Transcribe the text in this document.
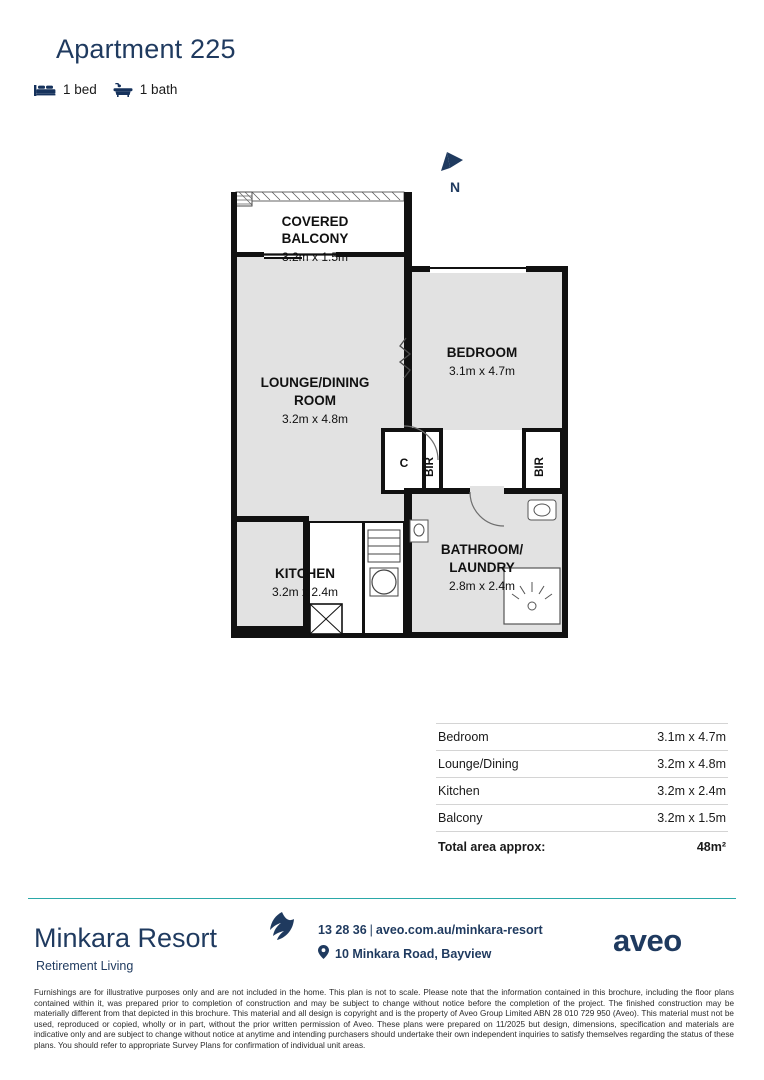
Apartment 225
1 bed	1 bath
COVERED
BALCONY
3.2m x 1.5m
LOUNGE/DINING
ROOM
3.2m x 4.8m
BEDROOM
3.1m x 4.7m
KITCHEN
3.2m x 2.4m
BATHROOM/
LAUNDRY
2.8m x 2.4m
C BIR	BIR
N
Bedroom	3.1m x 4.7m
Lounge/Dining	3.2m x 4.8m
Kitchen	3.2m x 2.4m
Balcony	3.2m x 1.5m
Total area approx:	48m²
Minkara Resort
Retirement Living
13 28 36 | aveo.com.au/minkara-resort
10 Minkara Road, Bayview	aveo
Furnishings are for illustrative purposes only and are not included in the home. This plan is not to scale. Please note that the information contained in this brochure, including the floor plans contained within it, was prepared prior to completion of construction and may be subject to change without notice before the completion of the project. The finished construction may be materially different from that depicted in this brochure. This material and all design is copyright and is the property of Aveo Group Limited ABN 28 010 729 950 (Aveo). This material must not be used, reproduced or copied, wholly or in part, without the prior written permission of Aveo. These plans were prepared on 11/2025 but design, dimensions, specification and materials are indicative only and are subject to change without notice at anytime and intending purchasers should undertake their own independent inquiries to satisfy themselves regarding the status of these plans. You should refer to appropriate Survey Plans for confirmation of individual unit areas.
